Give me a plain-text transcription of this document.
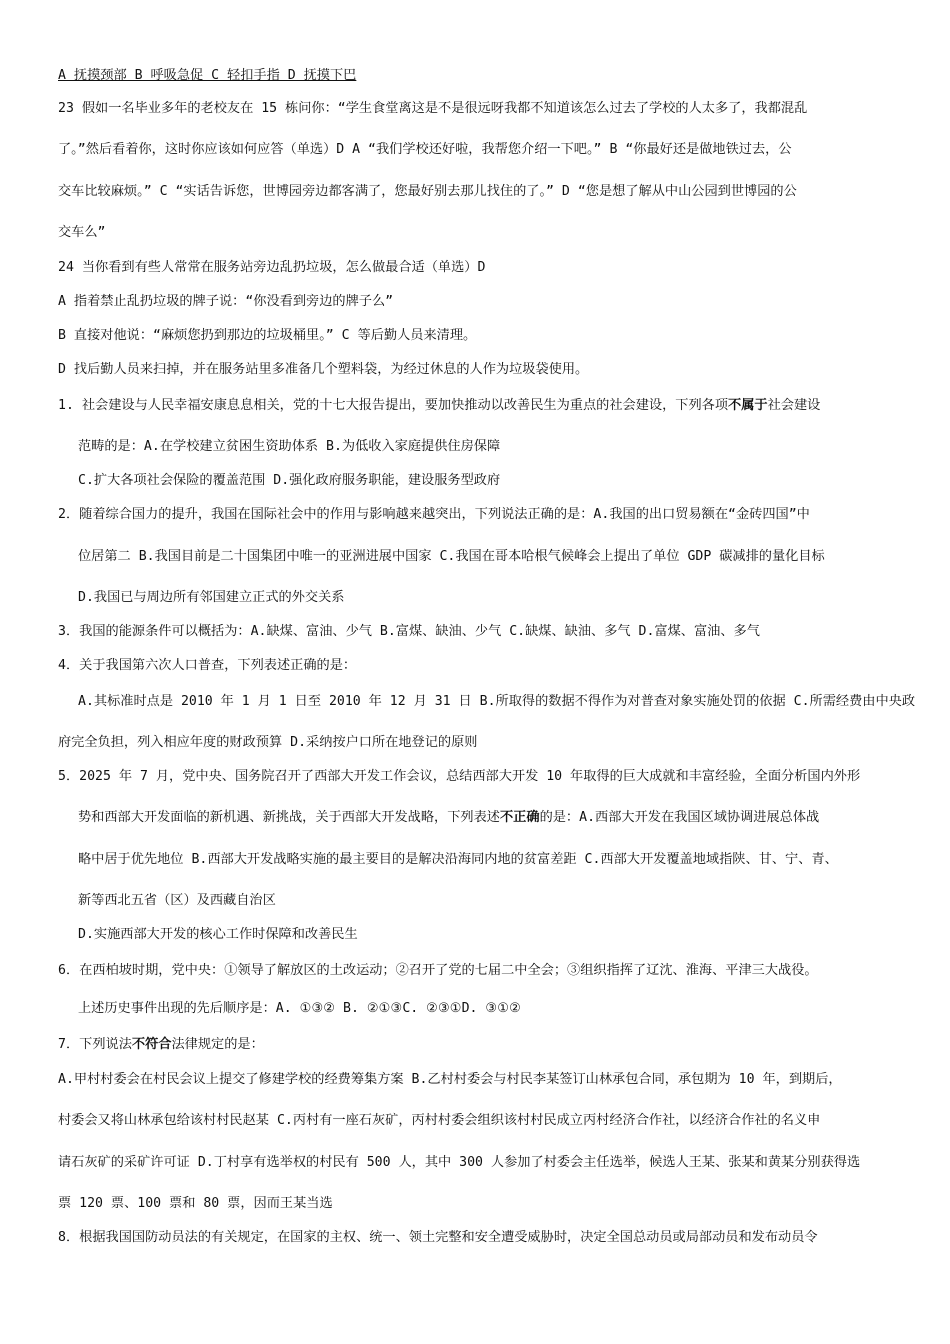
A 抚摸颈部 B 呼吸急促 C 轻扣手指 D 抚摸下巴
23 假如一名毕业多年的老校友在 15 栋问你：“学生食堂离这是不是很远呀我都不知道该怎么过去了学校的人太多了，我都混乱
了。”然后看着你，这时你应该如何应答（单选）D A “我们学校还好啦，我帮您介绍一下吧。” B “你最好还是做地铁过去，公
交车比较麻烦。” C “实话告诉您，世博园旁边都客满了，您最好别去那儿找住的了。” D “您是想了解从中山公园到世博园的公
交车么”
24 当你看到有些人常常在服务站旁边乱扔垃圾，怎么做最合适（单选）D
A 指着禁止乱扔垃圾的牌子说：“你没看到旁边的牌子么”
B 直接对他说：“麻烦您扔到那边的垃圾桶里。” C 等后勤人员来清理。
D 找后勤人员来扫掉，并在服务站里多准备几个塑料袋，为经过休息的人作为垃圾袋使用。
1. 社会建设与人民幸福安康息息相关，党的十七大报告提出，要加快推动以改善民生为重点的社会建设，下列各项不属于社会建设
范畴的是：A.在学校建立贫困生资助体系 B.为低收入家庭提供住房保障
C.扩大各项社会保险的覆盖范围 D.强化政府服务职能，建设服务型政府
2．随着综合国力的提升，我国在国际社会中的作用与影响越来越突出，下列说法正确的是：A.我国的出口贸易额在“金砖四国”中
位居第二 B.我国目前是二十国集团中唯一的亚洲进展中国家 C.我国在哥本哈根气候峰会上提出了单位 GDP 碳减排的量化目标
D.我国已与周边所有邻国建立正式的外交关系
3．我国的能源条件可以概括为：A.缺煤、富油、少气 B.富煤、缺油、少气 C.缺煤、缺油、多气 D.富煤、富油、多气
4．关于我国第六次人口普查，下列表述正确的是：
A.其标准时点是 2010 年 1 月 1 日至 2010 年 12 月 31 日 B.所取得的数据不得作为对普查对象实施处罚的依据 C.所需经费由中央政
府完全负担，列入相应年度的财政预算 D.采纳按户口所在地登记的原则
5．2025 年 7 月，党中央、国务院召开了西部大开发工作会议，总结西部大开发 10 年取得的巨大成就和丰富经验，全面分析国内外形
势和西部大开发面临的新机遇、新挑战，关于西部大开发战略，下列表述不正确的是：A.西部大开发在我国区域协调进展总体战
略中居于优先地位 B.西部大开发战略实施的最主要目的是解决沿海同内地的贫富差距 C.西部大开发覆盖地域指陕、甘、宁、青、
新等西北五省（区）及西藏自治区
D.实施西部大开发的核心工作时保障和改善民生
6．在西柏坡时期，党中央：①领导了解放区的土改运动；②召开了党的七届二中全会；③组织指挥了辽沈、淮海、平津三大战役。
上述历史事件出现的先后顺序是：A. ①③② B. ②①③C. ②③①D. ③①②
7．下列说法不符合法律规定的是：
A.甲村村委会在村民会议上提交了修建学校的经费筹集方案 B.乙村村委会与村民李某签订山林承包合同，承包期为 10 年，到期后，
村委会又将山林承包给该村村民赵某 C.丙村有一座石灰矿，丙村村委会组织该村村民成立丙村经济合作社，以经济合作社的名义申
请石灰矿的采矿许可证 D.丁村享有选举权的村民有 500 人，其中 300 人参加了村委会主任选举，候选人王某、张某和黄某分别获得选
票 120 票、100 票和 80 票，因而王某当选
8．根据我国国防动员法的有关规定，在国家的主权、统一、领土完整和安全遭受威胁时，决定全国总动员或局部动员和发布动员令
